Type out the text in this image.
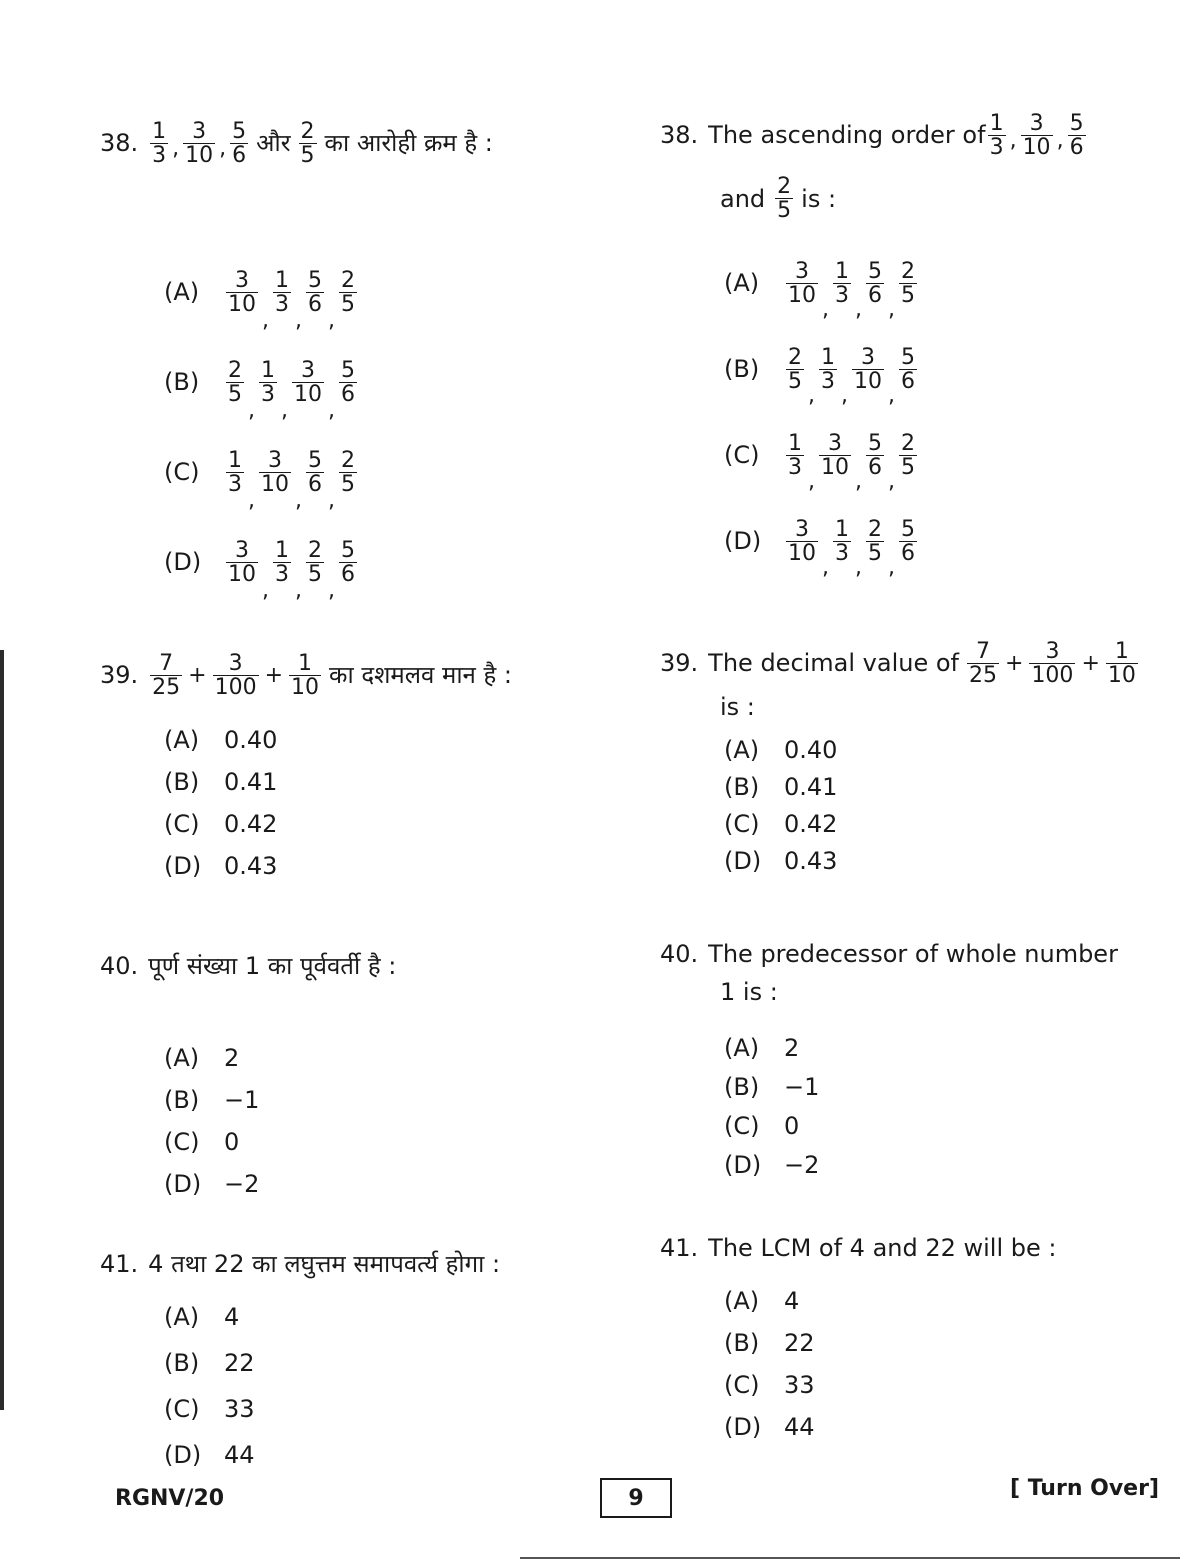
38. $\frac{1}{3}$ , $\frac{3}{10}$ , $\frac{5}{6}$ और $\frac{2}{5}$ का आरोही क्रम है :
(A)	$\frac{3}{10}$
,
$\frac{1}{3}$
,
$\frac{5}{6}$
,
$\frac{2}{5}$
(B)	$\frac{2}{5}$
,
$\frac{1}{3}$
,
$\frac{3}{10}$
,
$\frac{5}{6}$
(C)	$\frac{1}{3}$
,
$\frac{3}{10}$
,
$\frac{5}{6}$
,
$\frac{2}{5}$
(D)	$\frac{3}{10}$
,
$\frac{1}{3}$
,
$\frac{2}{5}$
,
$\frac{5}{6}$
39. $\frac{7}{25} + \frac{3}{100} + \frac{1}{10}$ का दशमलव मान है :
(A)	0.40
(B)	0.41
(C)	0.42
(D) 0.43
40. पूर्ण संख्या 1 का पूर्ववर्ती है :
(A)	2
(B)	−1
(C)	0
(D) −2
41. 4 तथा 22 का लघुत्तम समापवर्त्य होगा :
(A)	4
(B)	22
(C)	33
(D) 44
38. The ascending order of $\frac{1}{3}$ , $\frac{3}{10}$ , $\frac{5}{6}$
and $\frac{2}{5}$ is :
(A)	$\frac{3}{10}$
,
$\frac{1}{3}$
,
$\frac{5}{6}$
,
$\frac{2}{5}$
(B)	$\frac{2}{5}$
,
$\frac{1}{3}$
,
$\frac{3}{10}$
,
$\frac{5}{6}$
(C)	$\frac{1}{3}$
,
$\frac{3}{10}$
,
$\frac{5}{6}$
,
$\frac{2}{5}$
(D)	$\frac{3}{10}$
,
$\frac{1}{3}$
,
$\frac{2}{5}$
,
$\frac{5}{6}$
39. The decimal value of $\frac{7}{25} + \frac{3}{100} + \frac{1}{10}$
is :
(A)	0.40
(B)	0.41
(C)	0.42
(D) 0.43
40. The predecessor of whole number
1 is :
(A)	2
(B)	−1
(C)	0
(D) −2
41. The LCM of 4 and 22 will be :
(A)	4
(B)	22
(C)	33
(D) 44
RGNV/20	9	[ Turn Over]
